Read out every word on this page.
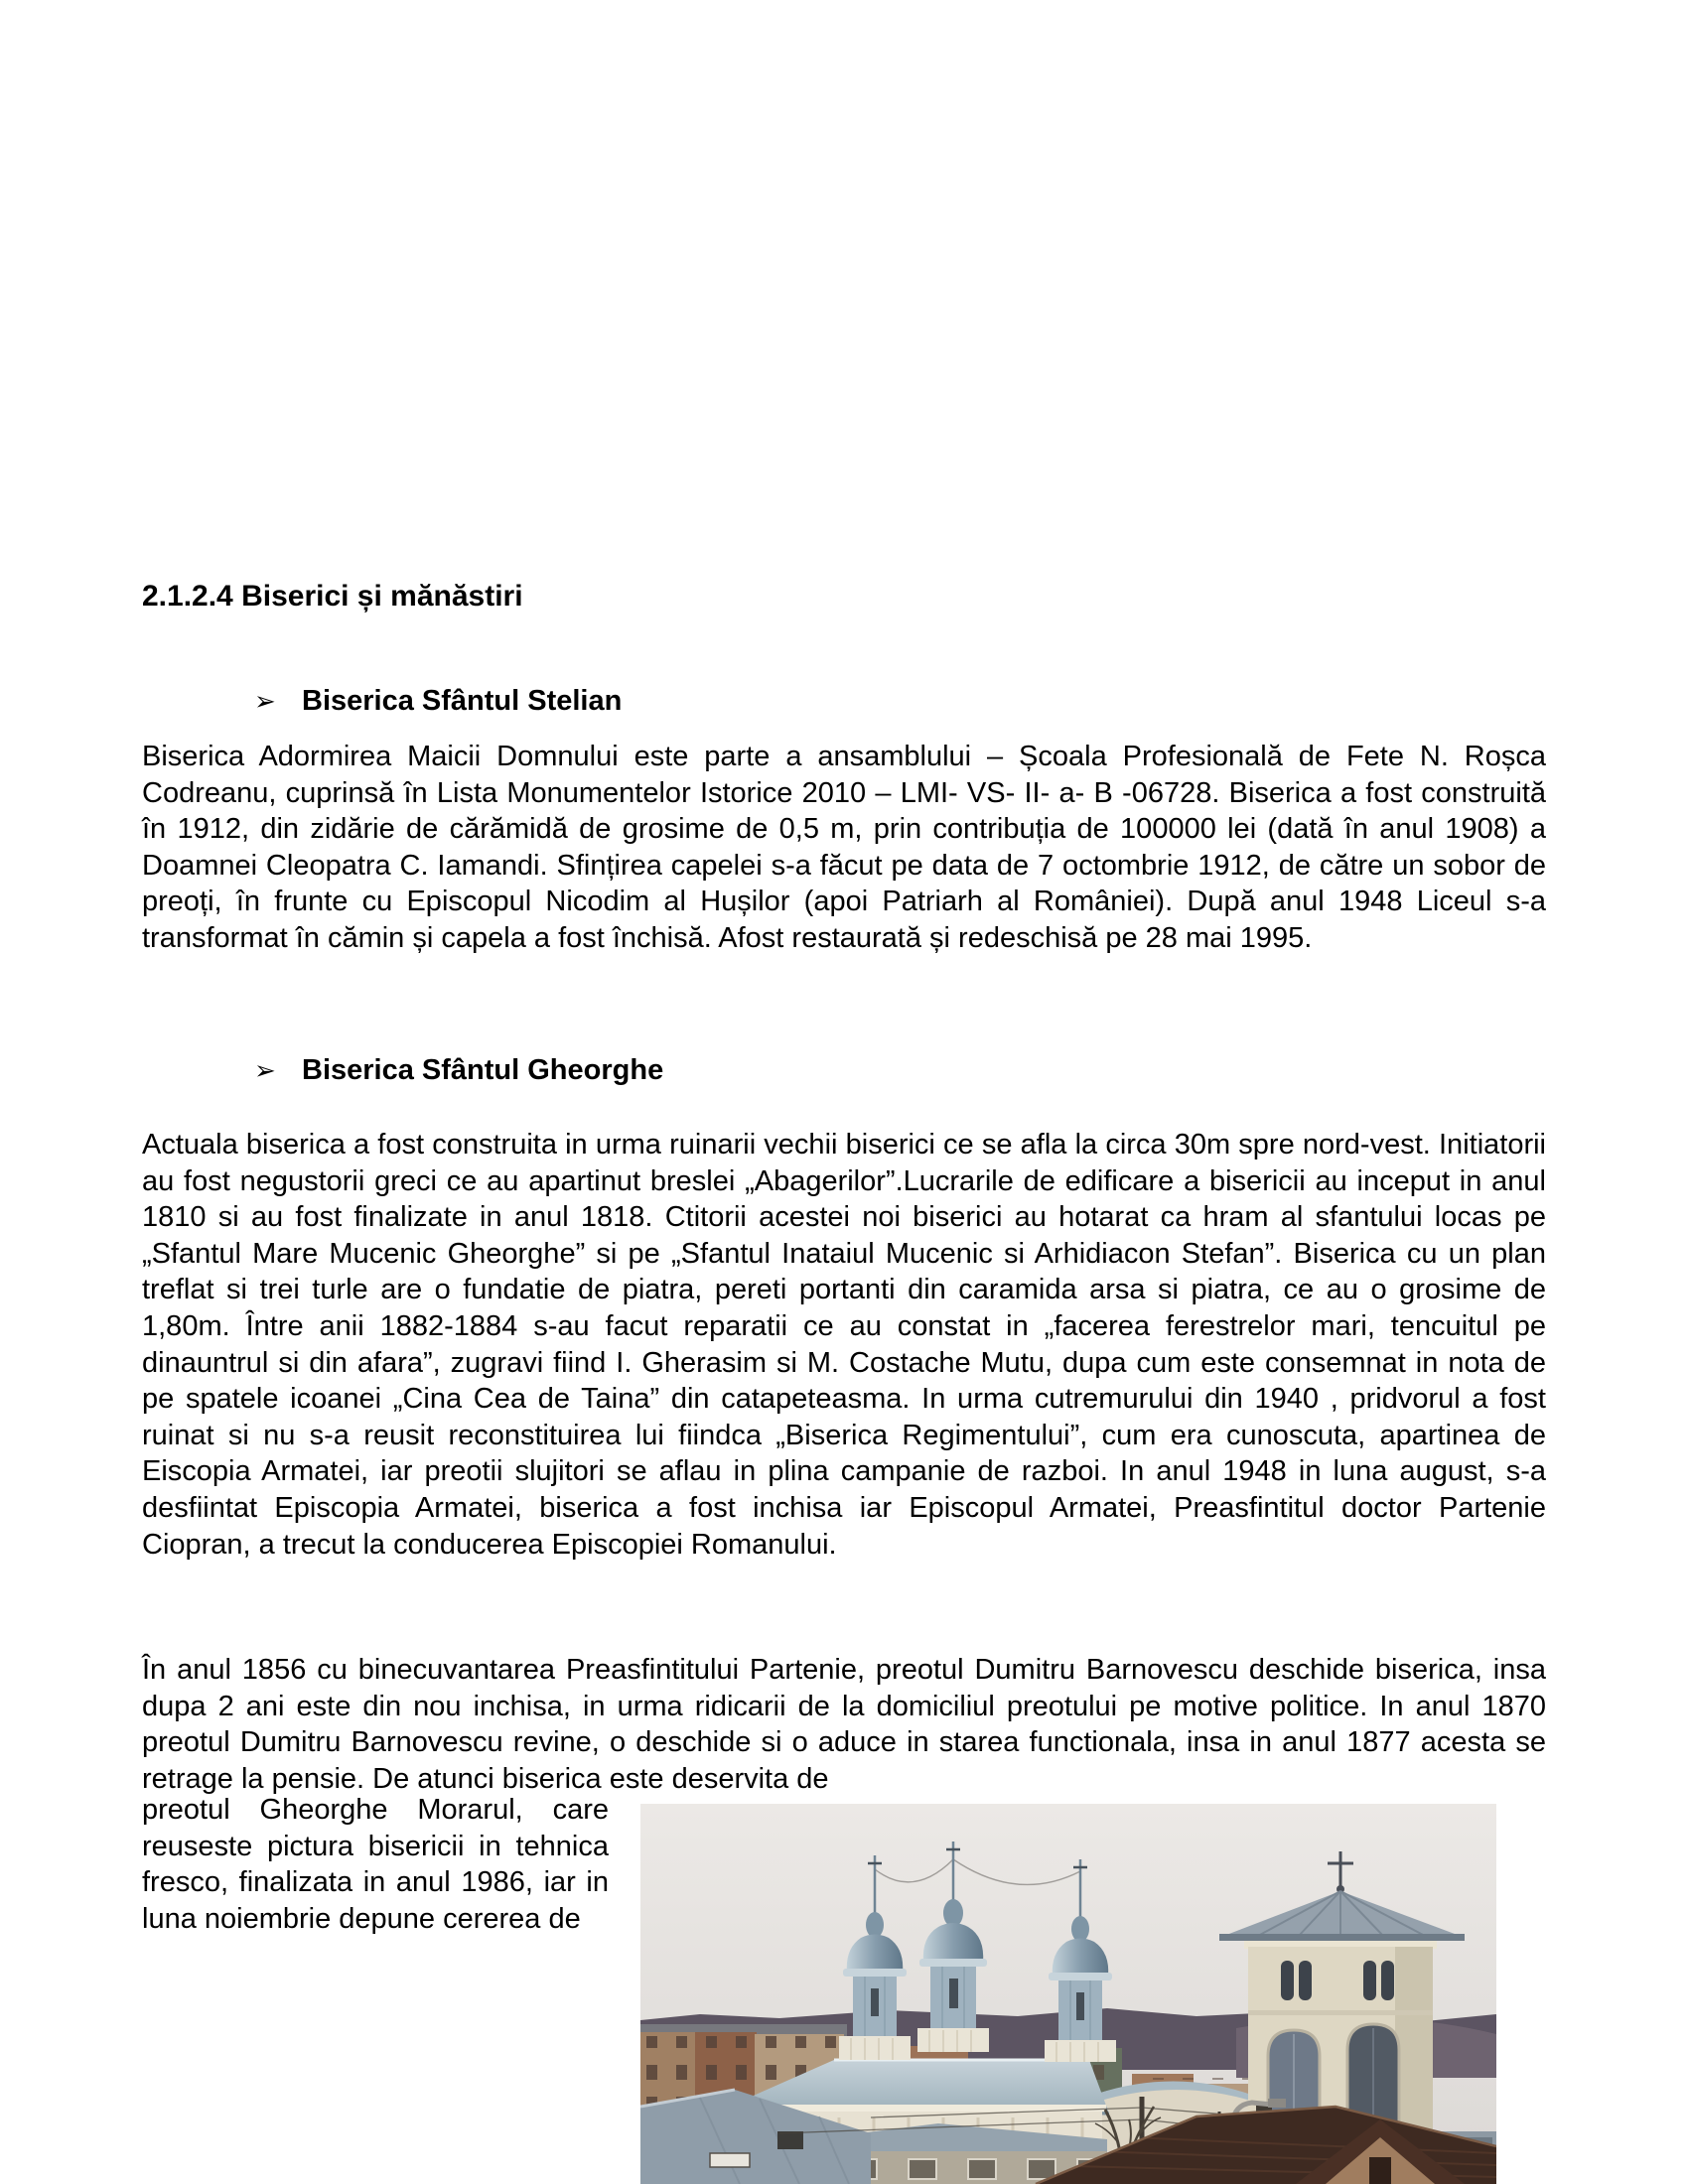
2.1.2.4 Biserici și mănăstiri
➢ Biserica Sfântul Stelian

Biserica Adormirea Maicii Domnului este parte a ansamblului – Școala Profesională de Fete N. Roșca Codreanu, cuprinsă în Lista Monumentelor Istorice 2010 – LMI- VS- II- a- B -06728. Biserica a fost construită în 1912, din zidărie de cărămidă de grosime de 0,5 m, prin contribuția de 100000 lei (dată în anul 1908) a Doamnei Cleopatra C. Iamandi. Sfințirea capelei s-a făcut pe data de 7 octombrie 1912, de către un sobor de preoți, în frunte cu Episcopul Nicodim al Hușilor (apoi Patriarh al României). După anul 1948 Liceul s-a transformat în cămin și capela a fost închisă. Afost restaurată și redeschisă pe 28 mai 1995.

➢ Biserica Sfântul Gheorghe

Actuala biserica a fost construita in urma ruinarii vechii biserici ce se afla la circa 30m spre nord-vest. Initiatorii au fost negustorii greci ce au apartinut breslei „Abagerilor”.Lucrarile de edificare a bisericii au inceput in anul 1810 si au fost finalizate in anul 1818. Ctitorii acestei noi biserici au hotarat ca hram al sfantului locas pe „Sfantul Mare Mucenic Gheorghe” si pe „Sfantul Inataiul Mucenic si Arhidiacon Stefan”. Biserica cu un plan treflat si trei turle are o fundatie de piatra, pereti portanti din caramida arsa si piatra, ce au o grosime de 1,80m. Între anii 1882-1884 s-au facut reparatii ce au constat in „facerea ferestrelor mari, tencuitul pe dinauntrul si din afara”, zugravi fiind I. Gherasim si M. Costache Mutu, dupa cum este consemnat in nota de pe spatele icoanei „Cina Cea de Taina” din catapeteasma. In urma cutremurului din 1940 , pridvorul a fost ruinat si nu s-a reusit reconstituirea lui fiindca „Biserica Regimentului”, cum era cunoscuta, apartinea de Eiscopia Armatei, iar preotii slujitori se aflau in plina campanie de razboi. In anul 1948 in luna august, s-a desfiintat Episcopia Armatei, biserica a fost inchisa iar Episcopul Armatei, Preasfintitul doctor Partenie Ciopran, a trecut la conducerea Episcopiei Romanului.

În anul 1856 cu binecuvantarea Preasfintitului Partenie, preotul Dumitru Barnovescu deschide biserica, insa dupa 2 ani este din nou inchisa, in urma ridicarii de la domiciliul preotului pe motive politice. In anul 1870 preotul Dumitru Barnovescu revine, o deschide si o aduce in starea functionala, insa in anul 1877 acesta se retrage la pensie. De atunci biserica este deservita de

preotul Gheorghe Morarul, care reuseste pictura bisericii in tehnica fresco, finalizata in anul 1986, iar in luna noiembrie depune cererea de
